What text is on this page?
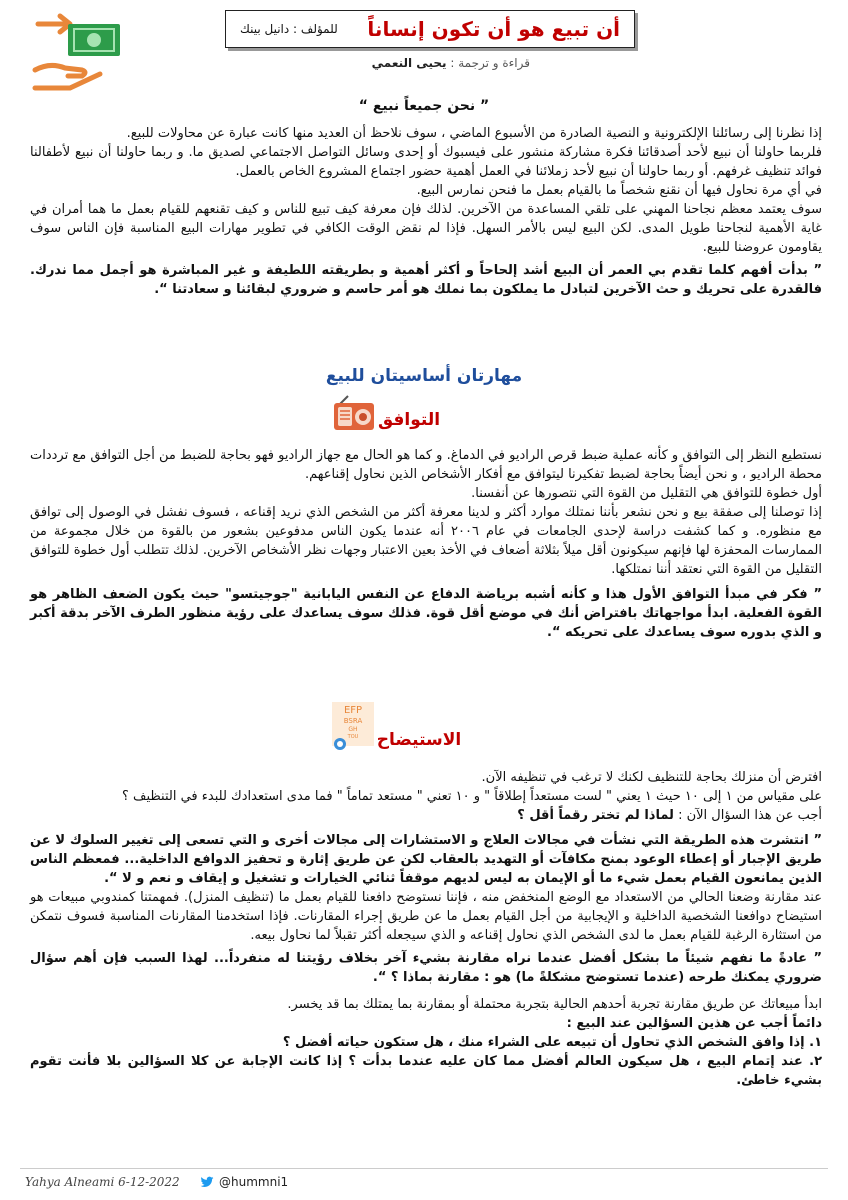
أن تبيع هو أن تكون إنساناً
للمؤلف : دانيل بينك
قراءة و ترجمة : يحيى النعمي
” نحن جميعاً نبيع “
إذا نظرنا إلى رسائلنا الإلكترونية و النصية الصادرة من الأسبوع الماضي ، سوف نلاحظ أن العديد منها كانت عبارة عن محاولات للبيع.
فلربما حاولنا أن نبيع لأحد أصدقائنا فكرة مشاركة منشور على فيسبوك أو إحدى وسائل التواصل الاجتماعي لصديق ما. و ربما حاولنا أن نبيع لأطفالنا فوائد تنظيف غرفهم. أو ربما حاولنا أن نبيع لأحد زملائنا في العمل أهمية حضور اجتماع المشروع الخاص بالعمل.
في أي مرة نحاول فيها أن نقنع شخصاً ما بالقيام بعمل ما فنحن نمارس البيع.
سوف يعتمد معظم نجاحنا المهني على تلقي المساعدة من الآخرين. لذلك فإن معرفة كيف تبيع للناس و كيف تقنعهم للقيام بعمل ما هما أمران في غاية الأهمية لنجاحنا طويل المدى. لكن البيع ليس بالأمر السهل. فإذا لم نقض الوقت الكافي في تطوير مهارات البيع المناسبة فإن الناس سوف يقاومون عروضنا للبيع.
” بدأت أفهم كلما تقدم بي العمر أن البيع أشد إلحاحاً و أكثر أهمية و بطريقته اللطيفة و غير المباشرة هو أجمل مما ندرك. فالقدرة على تحريك و حث الآخرين لتبادل ما يملكون بما نملك هو أمر حاسم و ضروري لبقائنا و سعادتنا “.
مهارتان أساسيتان للبيع
التوافق
نستطيع النظر إلى التوافق و كأنه عملية ضبط قرص الراديو في الدماغ. و كما هو الحال مع جهاز الراديو فهو بحاجة للضبط من أجل التوافق مع ترددات محطة الراديو ، و نحن أيضاً بحاجة لضبط تفكيرنا ليتوافق مع أفكار الأشخاص الذين نحاول إقناعهم.
أول خطوة للتوافق هي التقليل من القوة التي نتصورها عن أنفسنا.
إذا توصلنا إلى صفقة بيع و نحن نشعر بأننا نمتلك موارد أكثر و لدينا معرفة أكثر من الشخص الذي نريد إقناعه ، فسوف نفشل في الوصول إلى توافق مع منظوره. و كما كشفت دراسة لإحدى الجامعات في عام ٢٠٠٦ أنه عندما يكون الناس مدفوعين بشعور من بالقوة من خلال مجموعة من الممارسات المحفزة لها فإنهم سيكونون أقل ميلاً بثلاثة أضعاف في الأخذ بعين الاعتبار وجهات نظر الأشخاص الآخرين. لذلك تتطلب أول خطوة للتوافق التقليل من القوة التي نعتقد أننا نمتلكها.
” فكر في مبدأ التوافق الأول هذا و كأنه أشبه برياضة الدفاع عن النفس اليابانية "جوجيتسو" حيث يكون الضعف الظاهر هو القوة الفعلية. ابدأ مواجهاتك بافتراض أنك في موضع أقل قوة. فذلك سوف يساعدك على رؤية منظور الطرف الآخر بدقة أكبر و الذي بدوره سوف يساعدك على تحريكه “.
الاستيضاح
EFP
BSRA
GH
TOU
افترض أن منزلك بحاجة للتنظيف لكنك لا ترغب في تنظيفه الآن.
على مقياس من ١ إلى ١٠ حيث ١ يعني " لست مستعداً إطلاقاً " و ١٠ تعني " مستعد تماماً " فما مدى استعدادك للبدء في التنظيف ؟
أجب عن هذا السؤال الآن : لماذا لم تختر رقماً أقل ؟
” انتشرت هذه الطريقة التي نشأت في مجالات العلاج و الاستشارات إلى مجالات أخرى و التي تسعى إلى تغيير السلوك لا عن طريق الإجبار أو إعطاء الوعود بمنح مكافآت أو التهديد بالعقاب لكن عن طريق إثارة و تحفيز الدوافع الداخلية... فمعظم الناس الذين يمانعون القيام بعمل شيء ما أو الإيمان به ليس لديهم موقفاً ثنائي الخيارات و تشغيل و إيقاف و نعم و لا “.
عند مقارنة وضعنا الحالي من الاستعداد مع الوضع المنخفض منه ، فإننا نستوضح دافعنا للقيام بعمل ما (تنظيف المنزل). فمهمتنا كمندوبي مبيعات هو استيضاح دوافعنا الشخصية الداخلية و الإيجابية من أجل القيام بعمل ما عن طريق إجراء المقارنات. فإذا استخدمنا المقارنات المناسبة فسوف نتمكن من استثارة الرغبة للقيام بعمل ما لدى الشخص الذي نحاول إقناعه و الذي سيجعله أكثر تقبلاً لما نحاول بيعه.
” عادةً ما نفهم شيئاً ما بشكل أفضل عندما نراه مقارنة بشيء آخر بخلاف رؤيتنا له منفرداً... لهذا السبب فإن أهم سؤال ضروري يمكنك طرحه (عندما تستوضح مشكلةً ما) هو : مقارنة بماذا ؟ “.
ابدأ مبيعاتك عن طريق مقارنة تجربة أحدهم الحالية بتجربة محتملة أو بمقارنة بما يمتلك بما قد يخسر.
دائماً أجب عن هذين السؤالين عند البيع :
١. إذا وافق الشخص الذي تحاول أن تبيعه على الشراء منك ، هل ستكون حياته أفضل ؟
٢. عند إتمام البيع ، هل سيكون العالم أفضل مما كان عليه عندما بدأت ؟ إذا كانت الإجابة عن كلا السؤالين بلا فأنت تقوم بشيء خاطئ.
Yahya Alneami 6-12-2022	@hummni1
